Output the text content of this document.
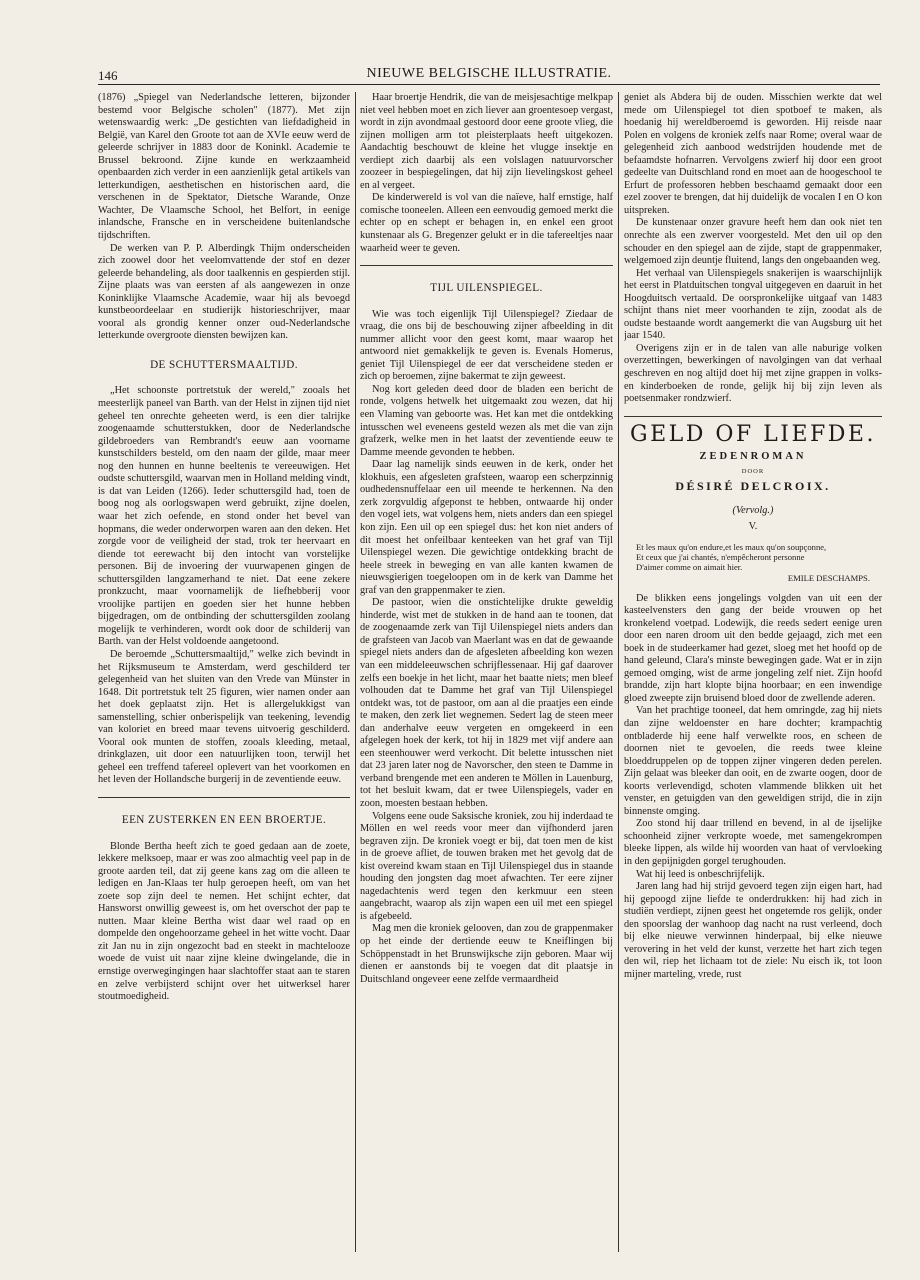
146	NIEUWE BELGISCHE ILLUSTRATIE.

(1876) „Spiegel van Nederlandsche letteren, bijzonder bestemd voor Belgische scholen" (1877). Met zijn wetenswaardig werk: „De gestichten van liefdadigheid in België, van Karel den Groote tot aan de XVIe eeuw werd de geleerde schrijver in 1883 door de Koninkl. Academie te Brussel bekroond. Zijne kunde en werkzaamheid openbaarden zich verder in een aanzienlijk getal artikels van letterkundigen, aesthetischen en historischen aard, die verschenen in de Spektator, Dietsche Warande, Onze Wachter, De Vlaamsche School, het Belfort, in eenige inlandsche, Fransche en in verscheidene buitenlandsche tijdschriften.

De werken van P. P. Alberdingk Thijm onderscheiden zich zoowel door het veelomvattende der stof en dezer geleerde behandeling, als door taalkennis en gespierden stijl. Zijne plaats was van eersten af als aangewezen in onze Koninklijke Vlaamsche Academie, waar hij als bevoegd kunstbeoordeelaar en studierijk historieschrijver, maar vooral als grondig kenner onzer oud-Nederlandsche letterkunde overgroote diensten bewijzen kan.

DE SCHUTTERSMAALTIJD.

„Het schoonste portretstuk der wereld," zooals het meesterlijk paneel van Barth. van der Helst in zijnen tijd niet geheel ten onrechte geheeten werd, is een dier talrijke zoogenaamde schutterstukken, door de Nederlandsche gildebroeders van Rembrandt's eeuw aan voorname kunstschilders besteld, om den naam der gilde, maar meer nog den hunnen en hunne beeltenis te vereeuwigen. Het oudste schuttersgild, waarvan men in Holland melding vindt, is dat van Leiden (1266). Ieder schuttersgild had, toen de boog nog als oorlogswapen werd gebruikt, zijne doelen, waar het zich oefende, en stond onder het bevel van hopmans, die weder onderworpen waren aan den deken. Het zorgde voor de veiligheid der stad, trok ter heervaart en diende tot eerewacht bij den intocht van vorstelijke personen. Bij de invoering der vuurwapenen gingen de schuttersgilden langzamerhand te niet. Dat eene zekere pronkzucht, maar voornamelijk de liefhebberij voor vroolijke partijen en goeden sier het hunne hebben bijgedragen, om de ontbinding der schuttersgilden zoolang mogelijk te verhinderen, wordt ook door de schilderij van Barth. van der Helst voldoende aangetoond.

De beroemde „Schuttersmaaltijd," welke zich bevindt in het Rijksmuseum te Amsterdam, werd geschilderd ter gelegenheid van het sluiten van den Vrede van Münster in 1648. Dit portretstuk telt 25 figuren, wier namen onder aan het doek geplaatst zijn. Het is allergelukkigst van samenstelling, schier onberispelijk van teekening, levendig van koloriet en breed maar tevens uitvoerig geschilderd. Vooral ook munten de stoffen, zooals kleeding, metaal, drinkglazen, uit door een natuurlijken toon, terwijl het geheel een treffend tafereel oplevert van het voorkomen en het leven der Hollandsche burgerij in de zeventiende eeuw.

EEN ZUSTERKEN EN EEN BROERTJE.

Blonde Bertha heeft zich te goed gedaan aan de zoete, lekkere melksoep, maar er was zoo almachtig veel pap in de groote aarden teil, dat zij geene kans zag om die alleen te ledigen en Jan-Klaas ter hulp geroepen heeft, om van het zoete sop zijn deel te nemen. Het schijnt echter, dat Hansworst onwillig geweest is, om het overschot der pap te nutten. Maar kleine Bertha wist daar wel raad op en dompelde den ongehoorzame geheel in het witte vocht. Daar zit Jan nu in zijn ongezocht bad en steekt in machtelooze woede de vuist uit naar zijne kleine dwingelande, die in ernstige overwegingingen haar slachtoffer staat aan te staren en zelve verbijsterd schijnt over het uitwerksel harer stoutmoedigheid.

Haar broertje Hendrik, die van de meisjesachtige melkpap niet veel hebben moet en zich liever aan groentesoep vergast, wordt in zijn avondmaal gestoord door eene groote vlieg, die zijnen molligen arm tot pleisterplaats heeft uitgekozen. Aandachtig beschouwt de kleine het vlugge insektje en verdiept zich daarbij als een volslagen natuurvorscher zoozeer in bespiegelingen, dat hij zijn lievelingskost geheel en al vergeet.

De kinderwereld is vol van die naïeve, half ernstige, half comische tooneelen. Alleen een eenvoudig gemoed merkt die echter op en schept er behagen in, en enkel een groot kunstenaar als G. Bregenzer gelukt er in die tafereeltjes naar waarheid weer te geven.

TIJL UILENSPIEGEL.

Wie was toch eigenlijk Tijl Uilenspiegel? Ziedaar de vraag, die ons bij de beschouwing zijner afbeelding in dit nummer allicht voor den geest komt, maar waarop het antwoord niet gemakkelijk te geven is. Evenals Homerus, geniet Tijl Uilenspiegel de eer dat verscheidene steden er zich op beroemen, zijne bakermat te zijn geweest.

Nog kort geleden deed door de bladen een bericht de ronde, volgens hetwelk het uitgemaakt zou wezen, dat hij een Vlaming van geboorte was. Het kan met die ontdekking intusschen wel eveneens gesteld wezen als met die van zijn grafzerk, welke men in het laatst der zeventiende eeuw te Damme meende gevonden te hebben.

Daar lag namelijk sinds eeuwen in de kerk, onder het klokhuis, een afgesleten grafsteen, waarop een scherpzinnig oudhedensnuffelaar een uil meende te herkennen. Na den zerk zorgvuldig afgeponst te hebben, ontwaarde hij onder den vogel iets, wat volgens hem, niets anders dan een spiegel kon zijn. Een uil op een spiegel dus: het kon niet anders of dit moest het onfeilbaar kenteeken van het graf van Tijl Uilenspiegel wezen. Die gewichtige ontdekking bracht de heele streek in beweging en van alle kanten kwamen de nieuwsgierigen toegeloopen om in de kerk van Damme het graf van den grappenmaker te zien.

De pastoor, wien die onstichtelijke drukte geweldig hinderde, wist met de stukken in de hand aan te toonen, dat de zoogenaamde zerk van Tijl Uilenspiegel niets anders dan de grafsteen van Jacob van Maerlant was en dat de gewaande spiegel niets anders dan de afgesleten afbeelding kon wezen van een middeleeuwschen schrijflessenaar. Hij gaf daarover zelfs een boekje in het licht, maar het baatte niets; men bleef volhouden dat te Damme het graf van Tijl Uilenspiegel ontdekt was, tot de pastoor, om aan al die praatjes een einde te maken, den zerk liet wegnemen. Sedert lag de steen meer dan anderhalve eeuw vergeten en omgekeerd in een afgelegen hoek der kerk, tot hij in 1829 met vijf andere aan een steenhouwer werd verkocht. Dit belette intusschen niet dat 23 jaren later nog de Navorscher, den steen te Damme in verband brengende met een anderen te Möllen in Lauenburg, tot het besluit kwam, dat er twee Uilenspiegels, vader en zoon, moesten bestaan hebben.

Volgens eene oude Saksische kroniek, zou hij inderdaad te Möllen en wel reeds voor meer dan vijfhonderd jaren begraven zijn. De kroniek voegt er bij, dat toen men de kist in de groeve afliet, de touwen braken met het gevolg dat de kist overeind kwam staan en Tijl Uilenspiegel dus in staande houding den jongsten dag moet afwachten. Ter eere zijner nagedachtenis werd tegen den kerkmuur een steen aangebracht, waarop als zijn wapen een uil met een spiegel is afgebeeld.

Mag men die kroniek gelooven, dan zou de grappenmaker op het einde der dertiende eeuw te Kneiflingen bij Schöppenstadt in het Brunswijksche zijn geboren. Maar wij dienen er aanstonds bij te voegen dat dit plaatsje in Duitschland ongeveer eene zelfde vermaardheid

geniet als Abdera bij de ouden. Misschien werkte dat wel mede om Uilenspiegel tot dien spotboef te maken, als hoedanig hij wereldberoemd is geworden. Hij reisde naar Polen en volgens de kroniek zelfs naar Rome; overal waar de gelegenheid zich aanbood wedstrijden houdende met de befaamdste hofnarren. Vervolgens zwierf hij door een groot gedeelte van Duitschland rond en moet aan de hoogeschool te Erfurt de professoren hebben beschaamd gemaakt door een ezel zoover te brengen, dat hij duidelijk de vocalen I en O kon uitspreken.

De kunstenaar onzer gravure heeft hem dan ook niet ten onrechte als een zwerver voorgesteld. Met den uil op den schouder en den spiegel aan de zijde, stapt de grappenmaker, welgemoed zijn deuntje fluitend, langs den ongebaanden weg.

Het verhaal van Uilenspiegels snakerijen is waarschijnlijk het eerst in Platduitschen tongval uitgegeven en daaruit in het Hoogduitsch vertaald. De oorspronkelijke uitgaaf van 1483 schijnt thans niet meer voorhanden te zijn, zoodat als de oudste bestaande wordt aangemerkt die van Augsburg uit het jaar 1540.

Overigens zijn er in de talen van alle naburige volken overzettingen, bewerkingen of navolgingen van dat verhaal geschreven en nog altijd doet hij met zijne grappen in volks- en kinderboeken de ronde, gelijk hij bij zijn leven als poetsenmaker rondzwierf.

GELD OF LIEFDE.
ZEDENROMAN
DOOR
DÉSIRÉ DELCROIX.
(Vervolg.)
V.
Et les maux qu'on endure,et les maux qu'on soupçonne,
Et ceux que j'ai chantés, n'empêcheront personne
D'aimer comme on aimait hier.
EMILE DESCHAMPS.

De blikken eens jongelings volgden van uit een der kasteelvensters den gang der beide vrouwen op het kronkelend voetpad. Lodewijk, die reeds sedert eenige uren door een naren droom uit den bedde gejaagd, zich met een boek in de studeerkamer had gezet, sloeg met het hoofd op de hand geleund, Clara's minste bewegingen gade. Wat er in zijn gemoed omging, wist de arme jongeling zelf niet. Zijn hoofd brandde, zijn hart klopte bijna hoorbaar; en een inwendige gloed zweepte zijn bruisend bloed door de zwellende aderen.

Van het prachtige tooneel, dat hem omringde, zag hij niets dan zijne weldoenster en hare dochter; krampachtig ontbladerde hij eene half verwelkte roos, en scheen de doornen niet te gevoelen, die reeds twee kleine bloeddruppelen op de toppen zijner vingeren deden perelen. Zijn gelaat was bleeker dan ooit, en de zwarte oogen, door de koorts verlevendigd, schoten vlammende blikken uit het venster, en getuigden van den geweldigen strijd, die in zijn binnenste omging.

Zoo stond hij daar trillend en bevend, in al de ijselijke schoonheid zijner verkropte woede, met samengekrompen bleeke lippen, als wilde hij woorden van haat of vervloeking in den gepijnigden gorgel terughouden.

Wat hij leed is onbeschrijfelijk.

Jaren lang had hij strijd gevoerd tegen zijn eigen hart, had hij gepoogd zijne liefde te onderdrukken: hij had zich in studiën verdiept, zijnen geest het ongetemde ros gelijk, onder den spoorslag der wanhoop dag nacht na rust verleend, doch bij elke nieuwe verwinnen hinderpaal, bij elke nieuwe verovering in het veld der kunst, verzette het hart zich tegen den wil, riep het lichaam tot de ziele: Nu eisch ik, tot loon mijner marteling, vrede, rust
